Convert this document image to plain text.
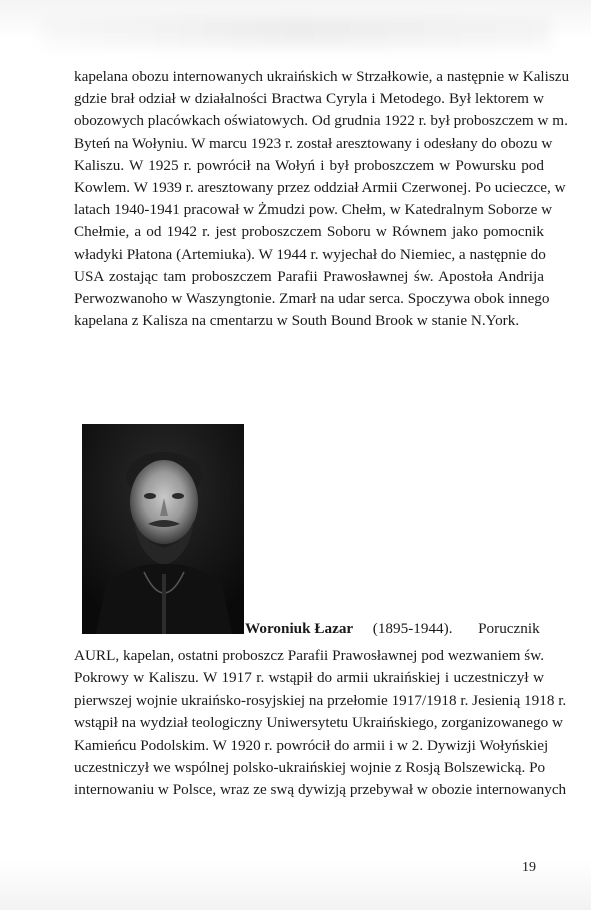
kapelana obozu internowanych ukraińskich w Strzałkowie, a następnie w Kaliszu
gdzie brał odział w działalności Bractwa Cyryla i Metodego. Był lektorem w
obozowych placówkach oświatowych. Od grudnia 1922 r. był proboszczem w m.
Byteń na Wołyniu. W marcu 1923 r. został aresztowany i odesłany do obozu w
Kaliszu. W 1925 r. powrócił na Wołyń i był proboszczem w Powursku pod
Kowlem. W 1939 r. aresztowany przez oddział Armii Czerwonej. Po ucieczce, w
latach 1940-1941 pracował w Żmudzi pow. Chełm, w Katedralnym Soborze w
Chełmie, a od 1942 r. jest proboszczem Soboru w Równem jako pomocnik
władyki Płatona (Artemiuka). W 1944 r. wyjechał do Niemiec, a następnie do
USA zostając tam proboszczem Parafii Prawosławnej św. Apostoła Andrija
Perwozwanoho w Waszyngtonie. Zmarł na udar serca. Spoczywa obok innego
kapelana z Kalisza na cmentarzu w South Bound Brook w stanie N.York.
Woroniuk Łazar (1895-1944). Porucznik
AURL, kapelan, ostatni proboszcz Parafii Prawosławnej pod wezwaniem św.
Pokrowy w Kaliszu. W 1917 r. wstąpił do armii ukraińskiej i uczestniczył w
pierwszej wojnie ukraińsko-rosyjskiej na przełomie 1917/1918 r. Jesienią 1918 r.
wstąpił na wydział teologiczny Uniwersytetu Ukraińskiego, zorganizowanego w
Kamieńcu Podolskim. W 1920 r. powrócił do armii i w 2. Dywizji Wołyńskiej
uczestniczył we wspólnej polsko-ukraińskiej wojnie z Rosją Bolszewicką. Po
internowaniu w Polsce, wraz ze swą dywizją przebywał w obozie internowanych
19
